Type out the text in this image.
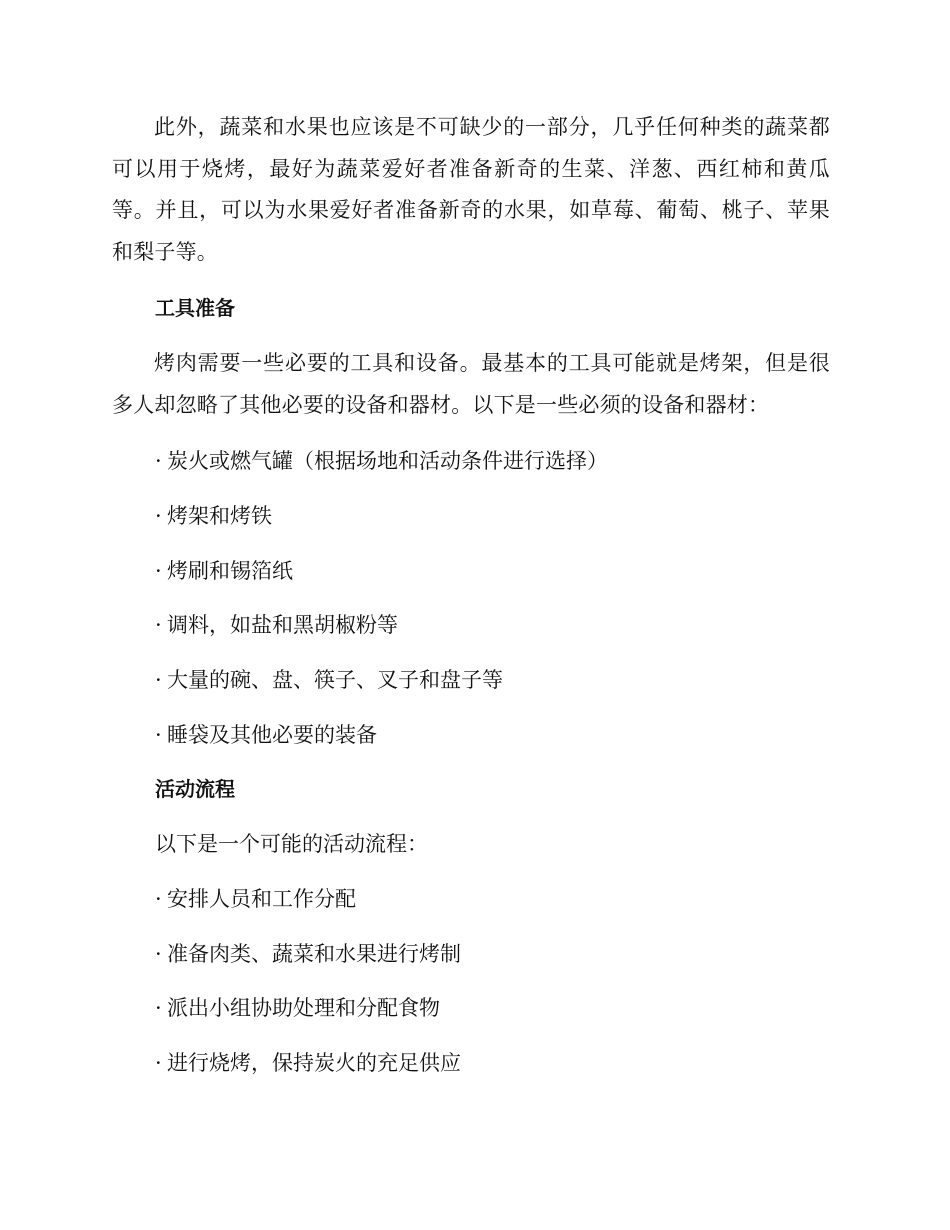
此外，蔬菜和水果也应该是不可缺少的一部分，几乎任何种类的蔬菜都可以用于烧烤，最好为蔬菜爱好者准备新奇的生菜、洋葱、西红柿和黄瓜等。并且，可以为水果爱好者准备新奇的水果，如草莓、葡萄、桃子、苹果和梨子等。

工具准备

烤肉需要一些必要的工具和设备。最基本的工具可能就是烤架，但是很多人却忽略了其他必要的设备和器材。以下是一些必须的设备和器材：

· 炭火或燃气罐（根据场地和活动条件进行选择）
· 烤架和烤铁
· 烤刷和锡箔纸
· 调料，如盐和黑胡椒粉等
· 大量的碗、盘、筷子、叉子和盘子等
· 睡袋及其他必要的装备
活动流程
以下是一个可能的活动流程：
· 安排人员和工作分配
· 准备肉类、蔬菜和水果进行烤制
· 派出小组协助处理和分配食物
· 进行烧烤，保持炭火的充足供应
